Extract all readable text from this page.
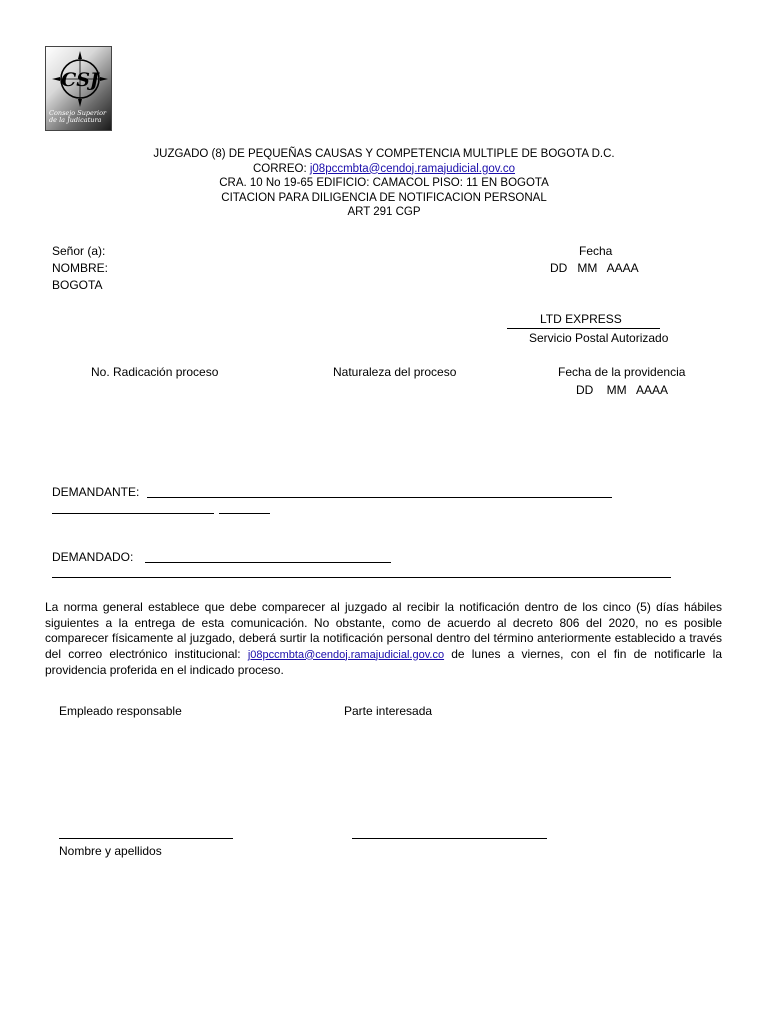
CSJ
Consejo Superior
de la Judicatura
JUZGADO (8) DE PEQUEÑAS CAUSAS Y COMPETENCIA MULTIPLE DE BOGOTA D.C.
CORREO: j08pccmbta@cendoj.ramajudicial.gov.co
CRA. 10 No 19-65 EDIFICIO: CAMACOL PISO: 11 EN BOGOTA
CITACION PARA DILIGENCIA DE NOTIFICACION PERSONAL
ART 291 CGP
Señor (a):
NOMBRE:
BOGOTA
Fecha
DD   MM   AAAA
LTD EXPRESS
Servicio Postal Autorizado
No. Radicación proceso	Naturaleza del proceso	Fecha de la providencia
DD    MM   AAAA
DEMANDANTE:
DEMANDADO:
La norma general establece que debe comparecer al juzgado al recibir la notificación dentro de los cinco (5) días hábiles siguientes a la entrega de esta comunicación. No obstante, como de acuerdo al decreto 806 del 2020, no es posible comparecer físicamente al juzgado, deberá surtir la notificación personal dentro del término anteriormente establecido a través del correo electrónico institucional: j08pccmbta@cendoj.ramajudicial.gov.co de lunes a viernes, con el fin de notificarle la providencia proferida en el indicado proceso.
Empleado responsable	Parte interesada
Nombre y apellidos
